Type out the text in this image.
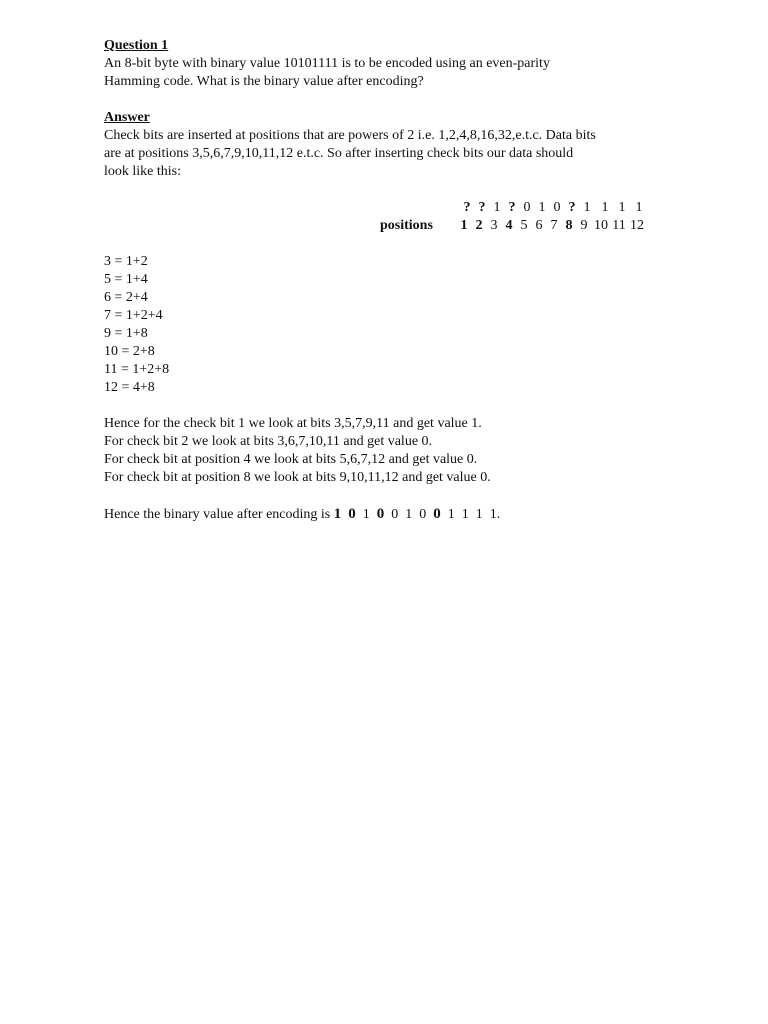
Question 1

An 8-bit byte with binary value 10101111 is to be encoded using an even-parity

Hamming code. What is the binary value after encoding?

Answer

Check bits are inserted at positions that are powers of 2 i.e. 1,2,4,8,16,32,e.t.c. Data bits

are at positions 3,5,6,7,9,10,11,12 e.t.c. So after inserting check bits our data should

look like this:

? ? 1 ? 0 1 0 ? 1 1 1 1
positions	1 2 3 4 5 6 7 8 9 10 11 12
3 = 1+2
5 = 1+4
6 = 2+4
7 = 1+2+4
9 = 1+8
10 = 2+8
11 = 1+2+8
12 = 4+8

Hence for the check bit 1 we look at bits 3,5,7,9,11 and get value 1.

For check bit 2 we look at bits 3,6,7,10,11 and get value 0.

For check bit at position 4 we look at bits 5,6,7,12 and get value 0.

For check bit at position 8 we look at bits 9,10,11,12 and get value 0.

Hence the binary value after encoding is 1 0 1 0 0 1 0 0 1 1 1 1.
